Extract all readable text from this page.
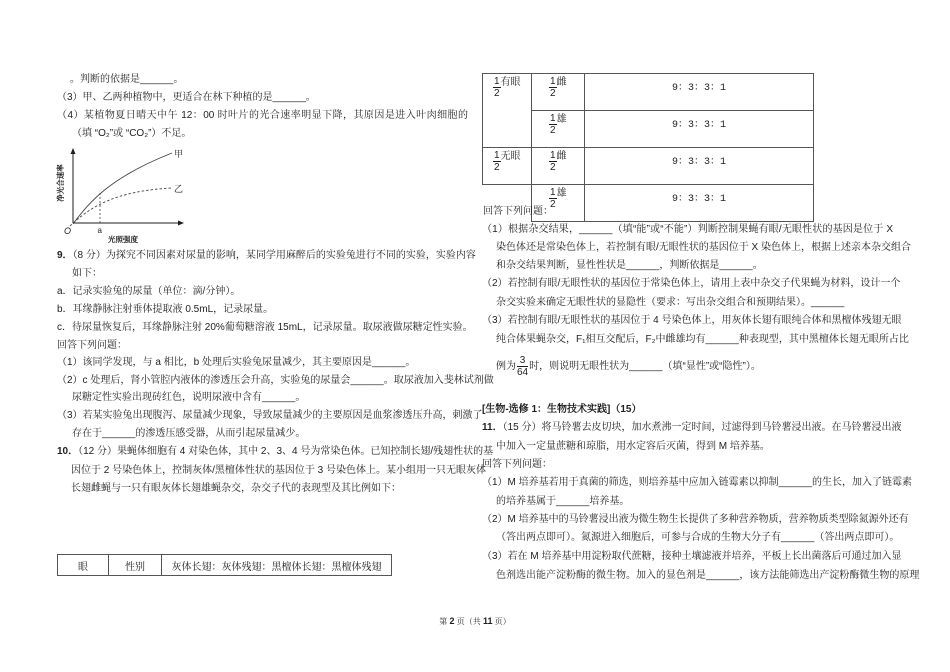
。判断的依据是______。
（3）甲、乙两种植物中，更适合在林下种植的是______。
（4）某植物夏日晴天中午 12：00 时叶片的光合速率明显下降，其原因是进入叶肉细胞的
（填 “O₂”或 “CO₂”）不足。
甲
乙
O	a
光照强度
净光合速率
9．（8 分）为探究不同因素对尿量的影响，某同学用麻醉后的实验兔进行不同的实验，实验内容
如下：
a．记录实验兔的尿量（单位：滴/分钟）。
b．耳缘静脉注射垂体提取液 0.5mL，记录尿量。
c．待尿量恢复后，耳缘静脉注射 20%葡萄糖溶液 15mL，记录尿量。取尿液做尿糖定性实验。
回答下列问题：
（1）该同学发现，与 a 相比，b 处理后实验兔尿量减少，其主要原因是______。
（2）c 处理后，肾小管腔内液体的渗透压会升高，实验兔的尿量会______。取尿液加入斐林试剂做
尿糖定性实验出现砖红色，说明尿液中含有______。
（3）若某实验兔出现腹泻、尿量减少现象，导致尿量减少的主要原因是血浆渗透压升高，刺激了
存在于______的渗透压感受器，从而引起尿量减少。
10．（12 分）果蝇体细胞有 4 对染色体，其中 2、3、4 号为常染色体。已知控制长翅/残翅性状的基
因位于 2 号染色体上，控制灰体/黑檀体性状的基因位于 3 号染色体上。某小组用一只无眼灰体
长翅雌蝇与一只有眼灰体长翅雄蝇杂交，杂交子代的表现型及其比例如下：
眼	性别	灰体长翅：灰体残翅：黑檀体长翅：黑檀体残翅
$\frac{1}{2}$ 有眼	$\frac{1}{2}$ 雌	9：3：3：1

	$\frac{1}{2}$ 雄	9：3：3：1

$\frac{1}{2}$ 无眼	$\frac{1}{2}$ 雌	9：3：3：1

	$\frac{1}{2}$ 雄	9：3：3：1
回答下列问题：
（1）根据杂交结果，______（填“能”或“不能”）判断控制果蝇有眼/无眼性状的基因是位于 X
染色体还是常染色体上，若控制有眼/无眼性状的基因位于 X 染色体上，根据上述亲本杂交组合
和杂交结果判断，显性性状是______，判断依据是______。
（2）若控制有眼/无眼性状的基因位于常染色体上，请用上表中杂交子代果蝇为材料，设计一个
杂交实验来确定无眼性状的显隐性（要求：写出杂交组合和预期结果）。______
（3）若控制有眼/无眼性状的基因位于 4 号染色体上，用灰体长翅有眼纯合体和黑檀体残翅无眼
纯合体果蝇杂交，F₁相互交配后，F₂中雌雄均有______种表现型，其中黑檀体长翅无眼所占比
例为 $\frac{3}{64}$ 时，则说明无眼性状为______（填“显性”或“隐性”）。
[生物-选修 1：生物技术实践]（15）
11．（15 分）将马铃薯去皮切块，加水煮沸一定时间，过滤得到马铃薯浸出液。在马铃薯浸出液
中加入一定量蔗糖和琼脂，用水定容后灭菌，得到 M 培养基。
回答下列问题：
（1）M 培养基若用于真菌的筛选，则培养基中应加入链霉素以抑制______的生长，加入了链霉素
的培养基属于______培养基。
（2）M 培养基中的马铃薯浸出液为微生物生长提供了多种营养物质，营养物质类型除氮源外还有
（答出两点即可）。氮源进入细胞后，可参与合成的生物大分子有______（答出两点即可）。
（3）若在 M 培养基中用淀粉取代蔗糖，接种土壤滤液并培养，平板上长出菌落后可通过加入显
色剂选出能产淀粉酶的微生物。加入的显色剂是______，该方法能筛选出产淀粉酶微生物的原理
第 2 页（共 11 页）
